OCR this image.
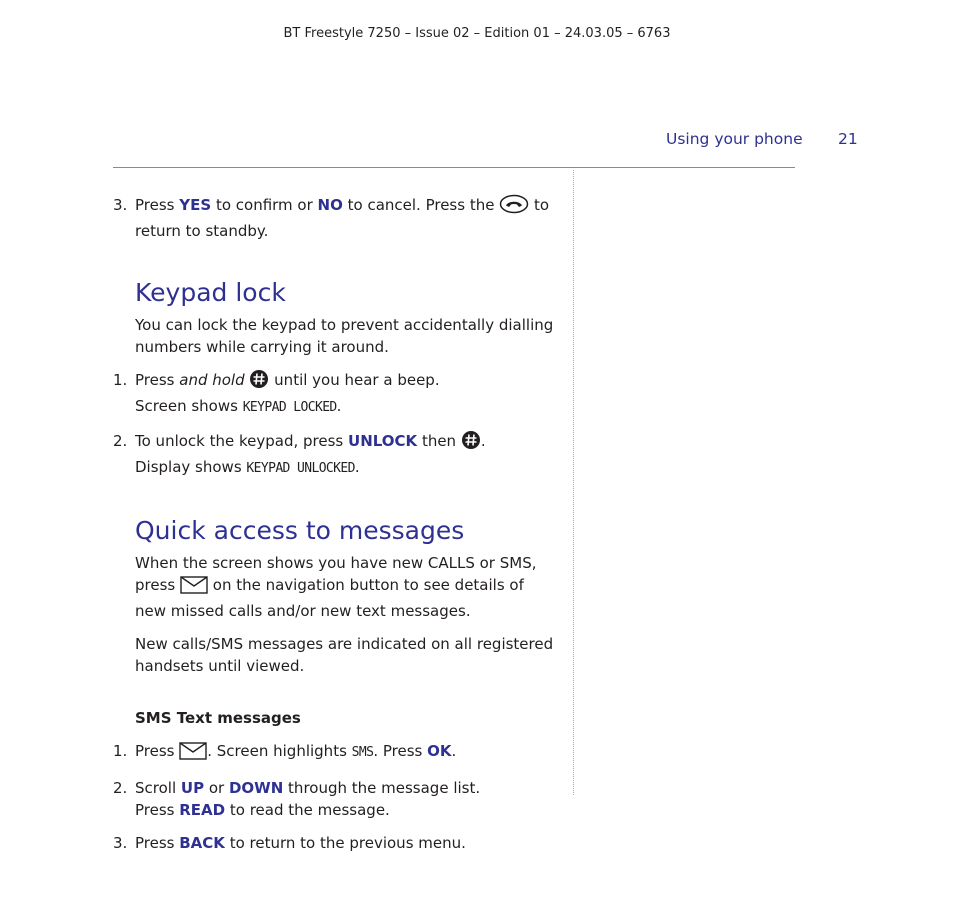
BT Freestyle 7250 – Issue 02 – Edition 01 – 24.03.05 – 6763
Using your phone 21
3. Press YES to confirm or NO to cancel. Press the  to return to standby.
Keypad lock
You can lock the keypad to prevent accidentally dialling numbers while carrying it around.
1. Press and hold  until you hear a beep.
Screen shows KEYPAD LOCKED.
2. To unlock the keypad, press UNLOCK then .
Display shows KEYPAD UNLOCKED.
Quick access to messages
When the screen shows you have new CALLS or SMS,
press  on the navigation button to see details of new missed calls and/or new text messages.
New calls/SMS messages are indicated on all registered handsets until viewed.
SMS Text messages
1. Press . Screen highlights SMS. Press OK.
2. Scroll UP or DOWN through the message list.
Press READ to read the message.
3. Press BACK to return to the previous menu.
